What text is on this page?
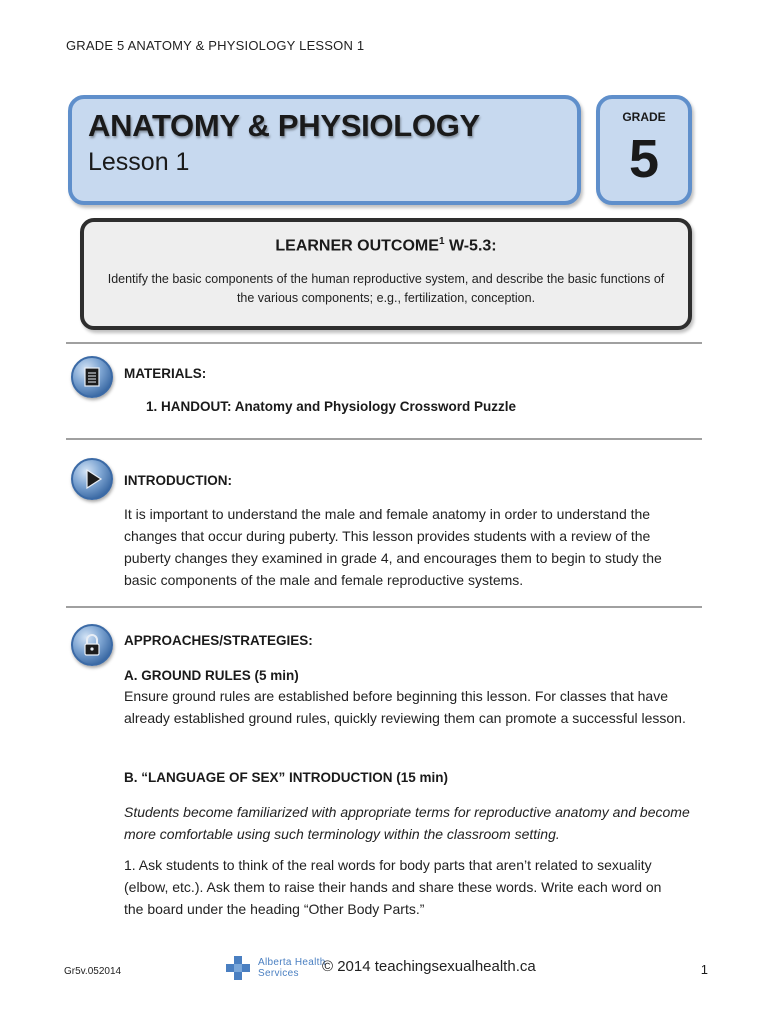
GRADE 5 ANATOMY & PHYSIOLOGY LESSON 1
ANATOMY & PHYSIOLOGY
Lesson 1
GRADE
5
LEARNER OUTCOME$^1$ W-5.3:
Identify the basic components of the human reproductive system, and describe the basic functions of the various components; e.g., fertilization, conception.
MATERIALS:
1. HANDOUT: Anatomy and Physiology Crossword Puzzle
INTRODUCTION:
It is important to understand the male and female anatomy in order to understand the changes that occur during puberty. This lesson provides students with a review of the puberty changes they examined in grade 4, and encourages them to begin to study the basic components of the male and female reproductive systems.
APPROACHES/STRATEGIES:
A. GROUND RULES (5 min)
Ensure ground rules are established before beginning this lesson. For classes that have already established ground rules, quickly reviewing them can promote a successful lesson.
B. “LANGUAGE OF SEX” INTRODUCTION (15 min)
Students become familiarized with appropriate terms for reproductive anatomy and become more comfortable using such terminology within the classroom setting.
1. Ask students to think of the real words for body parts that aren’t related to sexuality (elbow, etc.). Ask them to raise their hands and share these words. Write each word on the board under the heading “Other Body Parts.”
Gr5v.052014
Alberta Health
Services	© 2014 teachingsexualhealth.ca	1
